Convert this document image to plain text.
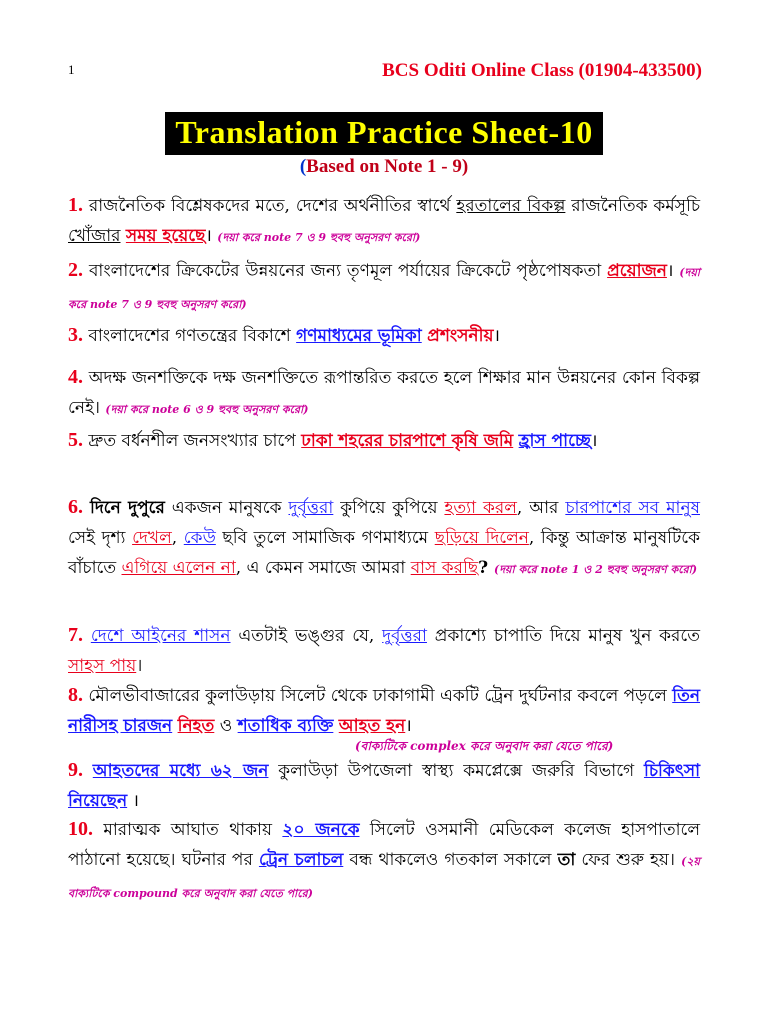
1	BCS Oditi Online Class (01904-433500)
Translation Practice Sheet-10
(Based on Note 1 - 9)
1. রাজনৈতিক বিশ্লেষকদের মতে, দেশের অর্থনীতির স্বার্থে হরতালের বিকল্প রাজনৈতিক কর্মসূচি খোঁজার সময় হয়েছে। (দয়া করে note 7 ও 9 হুবহু অনুসরণ করো)
2. বাংলাদেশের ক্রিকেটের উন্নয়নের জন্য তৃণমূল পর্যায়ের ক্রিকেটে পৃষ্ঠপোষকতা প্রয়োজন। (দয়া করে note 7 ও 9 হুবহু অনুসরণ করো)
3. বাংলাদেশের গণতন্ত্রের বিকাশে গণমাধ্যমের ভূমিকা প্রশংসনীয়।
4. অদক্ষ জনশক্তিকে দক্ষ জনশক্তিতে রূপান্তরিত করতে হলে শিক্ষার মান উন্নয়নের কোন বিকল্প নেই। (দয়া করে note 6 ও 9 হুবহু অনুসরণ করো)
5. দ্রুত বর্ধনশীল জনসংখ্যার চাপে ঢাকা শহরের চারপাশে কৃষি জমি হ্রাস পাচ্ছে।
6. দিনে দুপুরে একজন মানুষকে দুর্বৃত্তরা কুপিয়ে কুপিয়ে হত্যা করল, আর চারপাশের সব মানুষ সেই দৃশ্য দেখল, কেউ ছবি তুলে সামাজিক গণমাধ্যমে ছড়িয়ে দিলেন, কিন্তু আক্রান্ত মানুষটিকে বাঁচাতে এগিয়ে এলেন না, এ কেমন সমাজে আমরা বাস করছি? (দয়া করে note 1 ও 2 হুবহু অনুসরণ করো)
7. দেশে আইনের শাসন এতটাই ভঙ্গুর যে, দুর্বৃত্তরা প্রকাশ্যে চাপাতি দিয়ে মানুষ খুন করতে সাহস পায়।
8. মৌলভীবাজারের কুলাউড়ায় সিলেট থেকে ঢাকাগামী একটি ট্রেন দুর্ঘটনার কবলে পড়লে তিন নারীসহ চারজন নিহত ও শতাধিক ব্যক্তি আহত হন।
(বাক্যটিকে complex করে অনুবাদ করা যেতে পারে)
9. আহতদের মধ্যে ৬২ জন কুলাউড়া উপজেলা স্বাস্থ্য কমপ্লেক্সে জরুরি বিভাগে চিকিৎসা নিয়েছেন ।
10. মারাত্মক আঘাত থাকায় ২০ জনকে সিলেট ওসমানী মেডিকেল কলেজ হাসপাতালে পাঠানো হয়েছে। ঘটনার পর ট্রেন চলাচল বন্ধ থাকলেও গতকাল সকালে তা ফের শুরু হয়। (২য় বাক্যটিকে compound করে অনুবাদ করা যেতে পারে)
